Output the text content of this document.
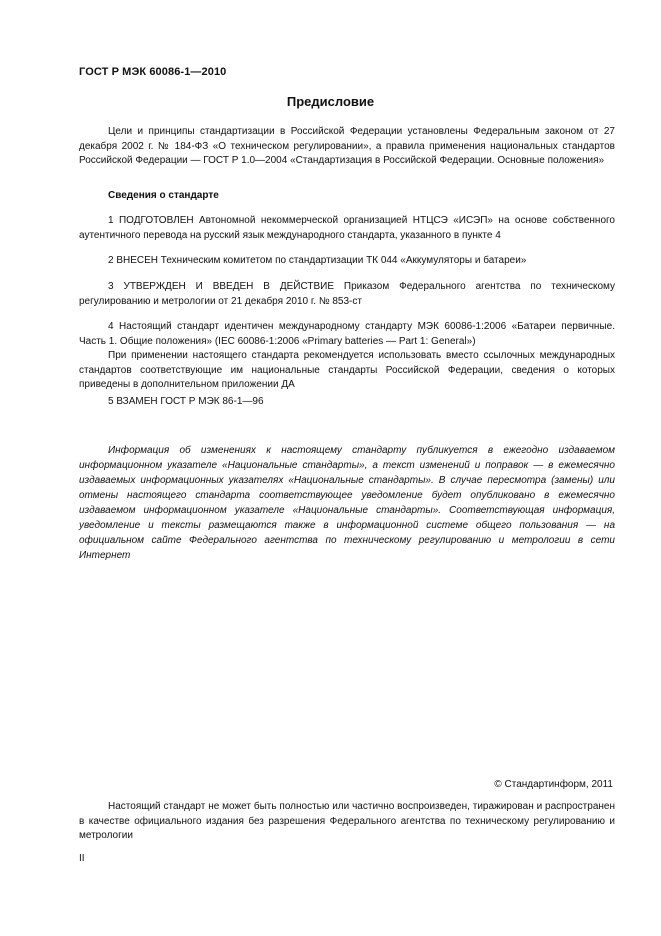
ГОСТ Р МЭК 60086-1—2010
Предисловие

Цели и принципы стандартизации в Российской Федерации установлены Федеральным законом от 27 декабря 2002 г. № 184-ФЗ «О техническом регулировании», а правила применения национальных стандартов Российской Федерации — ГОСТ Р 1.0—2004 «Стандартизация в Российской Федерации. Основные положения»

Сведения о стандарте

1 ПОДГОТОВЛЕН Автономной некоммерческой организацией НТЦСЭ «ИСЭП» на основе собственного аутентичного перевода на русский язык международного стандарта, указанного в пункте 4

2 ВНЕСЕН Техническим комитетом по стандартизации ТК 044 «Аккумуляторы и батареи»

3 УТВЕРЖДЕН И ВВЕДЕН В ДЕЙСТВИЕ Приказом Федерального агентства по техническому регулированию и метрологии от 21 декабря 2010 г. № 853-ст

4 Настоящий стандарт идентичен международному стандарту МЭК 60086-1:2006 «Батареи первичные. Часть 1. Общие положения» (IEC 60086-1:2006 «Primary batteries — Part 1: General»)

При применении настоящего стандарта рекомендуется использовать вместо ссылочных международных стандартов соответствующие им национальные стандарты Российской Федерации, сведения о которых приведены в дополнительном приложении ДА

5 ВЗАМЕН ГОСТ Р МЭК 86-1—96

Информация об изменениях к настоящему стандарту публикуется в ежегодно издаваемом информационном указателе «Национальные стандарты», а текст изменений и поправок — в ежемесячно издаваемых информационных указателях «Национальные стандарты». В случае пересмотра (замены) или отмены настоящего стандарта соответствующее уведомление будет опубликовано в ежемесячно издаваемом информационном указателе «Национальные стандарты». Соответствующая информация, уведомление и тексты размещаются также в информационной системе общего пользования — на официальном сайте Федерального агентства по техническому регулированию и метрологии в сети Интернет

© Стандартинформ, 2011

Настоящий стандарт не может быть полностью или частично воспроизведен, тиражирован и распространен в качестве официального издания без разрешения Федерального агентства по техническому регулированию и метрологии

II
